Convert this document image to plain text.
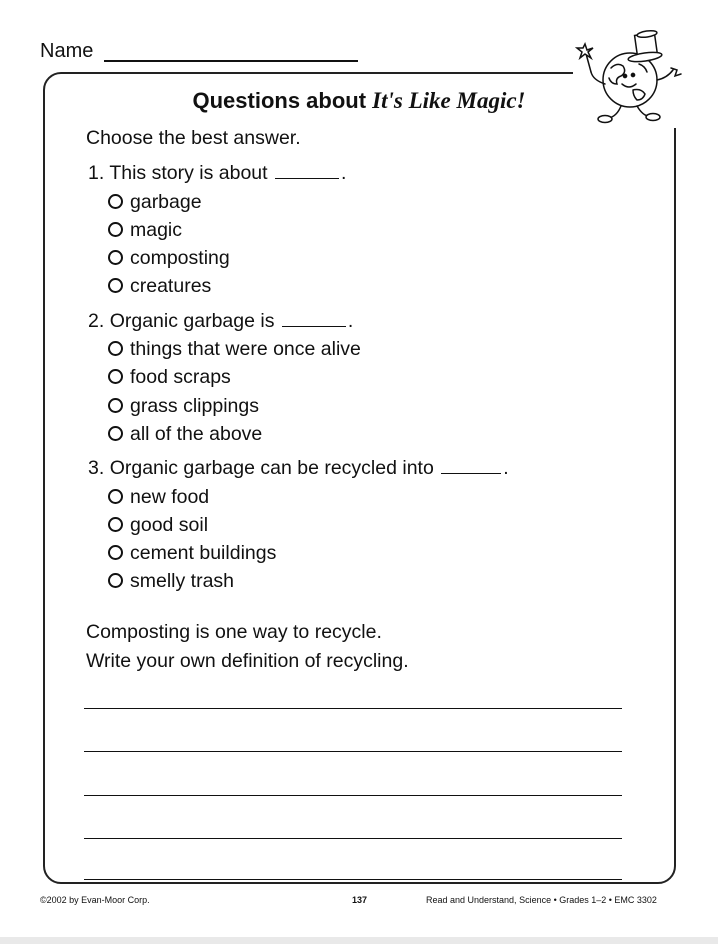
Name
Questions about It's Like Magic!
Choose the best answer.
1. This story is about	.
garbage
magic
composting
creatures
2. Organic garbage is	.
things that were once alive
food scraps
grass clippings
all of the above
3. Organic garbage can be recycled into	.
new food
good soil
cement buildings
smelly trash
Composting is one way to recycle.
Write your own definition of recycling.
©2002 by Evan-Moor Corp.	137	Read and Understand, Science • Grades 1–2 • EMC 3302
